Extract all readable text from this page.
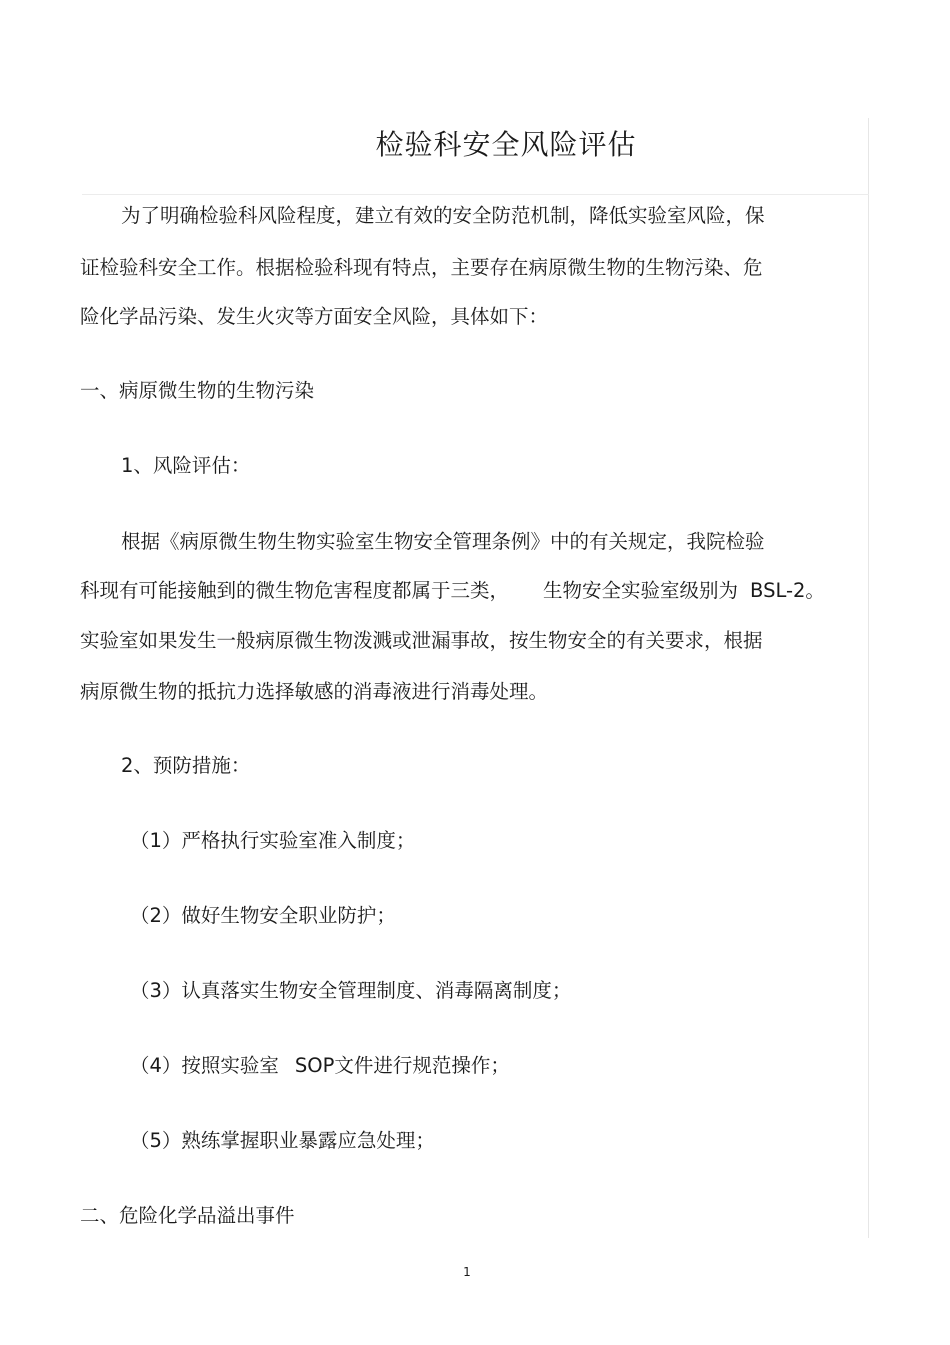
检验科安全风险评估
为了明确检验科风险程度，建立有效的安全防范机制，降低实验室风险，保
证检验科安全工作。根据检验科现有特点，主要存在病原微生物的生物污染、危
险化学品污染、发生火灾等方面安全风险，具体如下：
一、病原微生物的生物污染
1、风险评估：
根据《病原微生物生物实验室生物安全管理条例》中的有关规定，我院检验
科现有可能接触到的微生物危害程度都属于三类， 生物安全实验室级别为 BSL-2。
实验室如果发生一般病原微生物泼溅或泄漏事故，按生物安全的有关要求，根据
病原微生物的抵抗力选择敏感的消毒液进行消毒处理。
2、预防措施：
（1）严格执行实验室准入制度；
（2）做好生物安全职业防护；
（3）认真落实生物安全管理制度、消毒隔离制度；
（4）按照实验室 SOP文件进行规范操作；
（5）熟练掌握职业暴露应急处理；
二、危险化学品溢出事件
1
